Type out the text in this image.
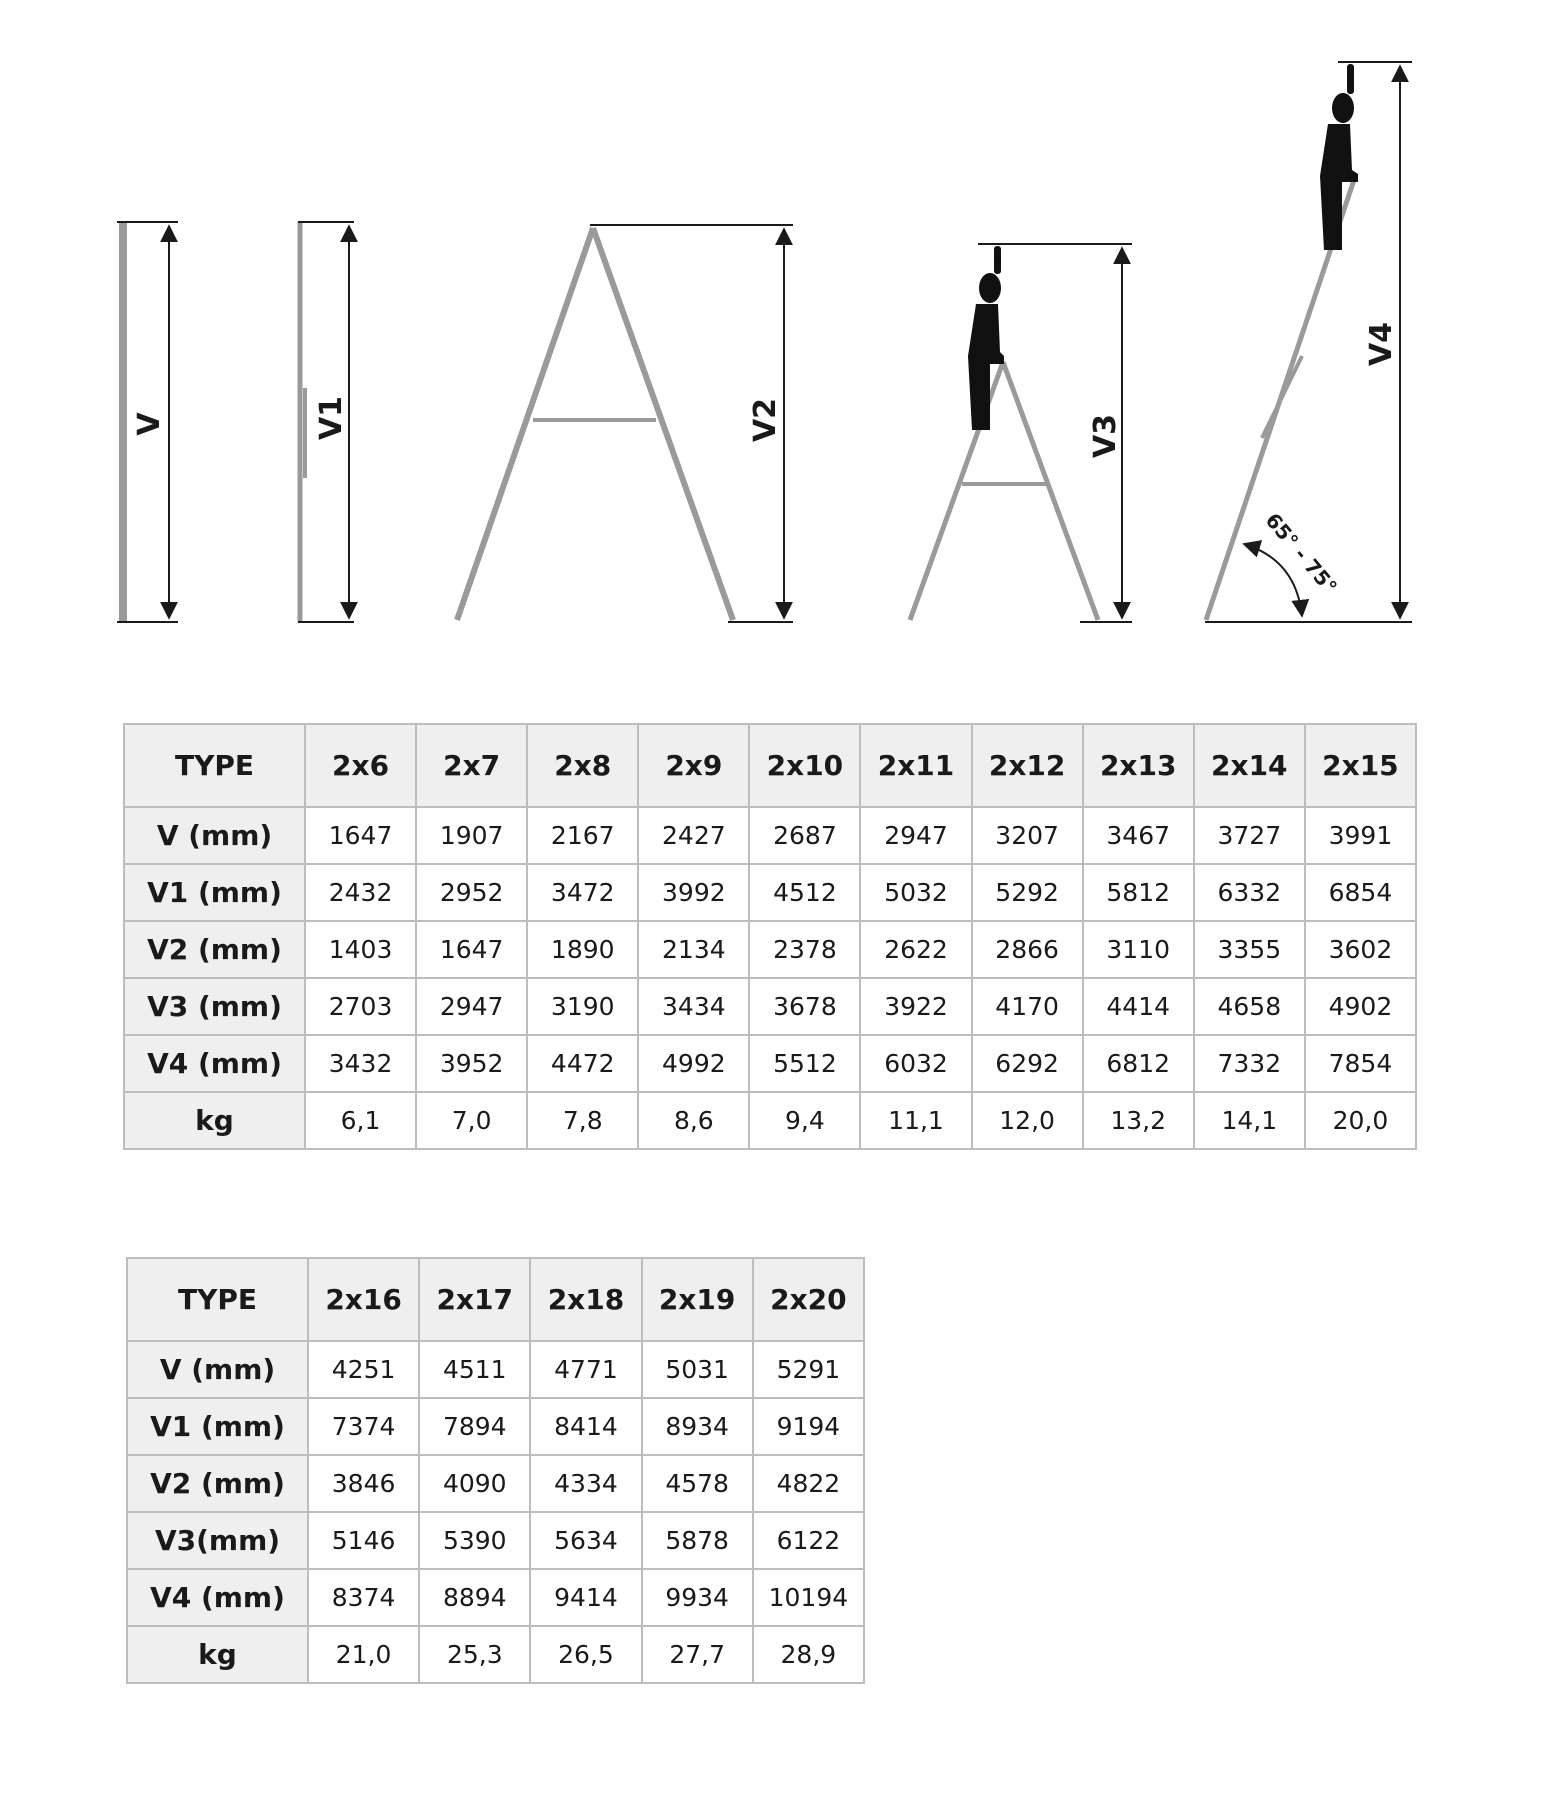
V	V1	V2	V3
65° - 75°
V4
TYPE	2x6	2x7	2x8	2x9	2x10	2x11	2x12	2x13	2x14	2x15
V (mm)	1647	1907	2167	2427	2687	2947	3207	3467	3727	3991
V1 (mm)	2432	2952	3472	3992	4512	5032	5292	5812	6332	6854
V2 (mm)	1403	1647	1890	2134	2378	2622	2866	3110	3355	3602
V3 (mm)	2703	2947	3190	3434	3678	3922	4170	4414	4658	4902
V4 (mm)	3432	3952	4472	4992	5512	6032	6292	6812	7332	7854
kg	6,1	7,0	7,8	8,6	9,4	11,1	12,0	13,2	14,1	20,0
TYPE	2x16	2x17	2x18	2x19	2x20
V (mm)	4251	4511	4771	5031	5291
V1 (mm)	7374	7894	8414	8934	9194
V2 (mm)	3846	4090	4334	4578	4822
V3(mm)	5146	5390	5634	5878	6122
V4 (mm)	8374	8894	9414	9934	10194
kg	21,0	25,3	26,5	27,7	28,9
